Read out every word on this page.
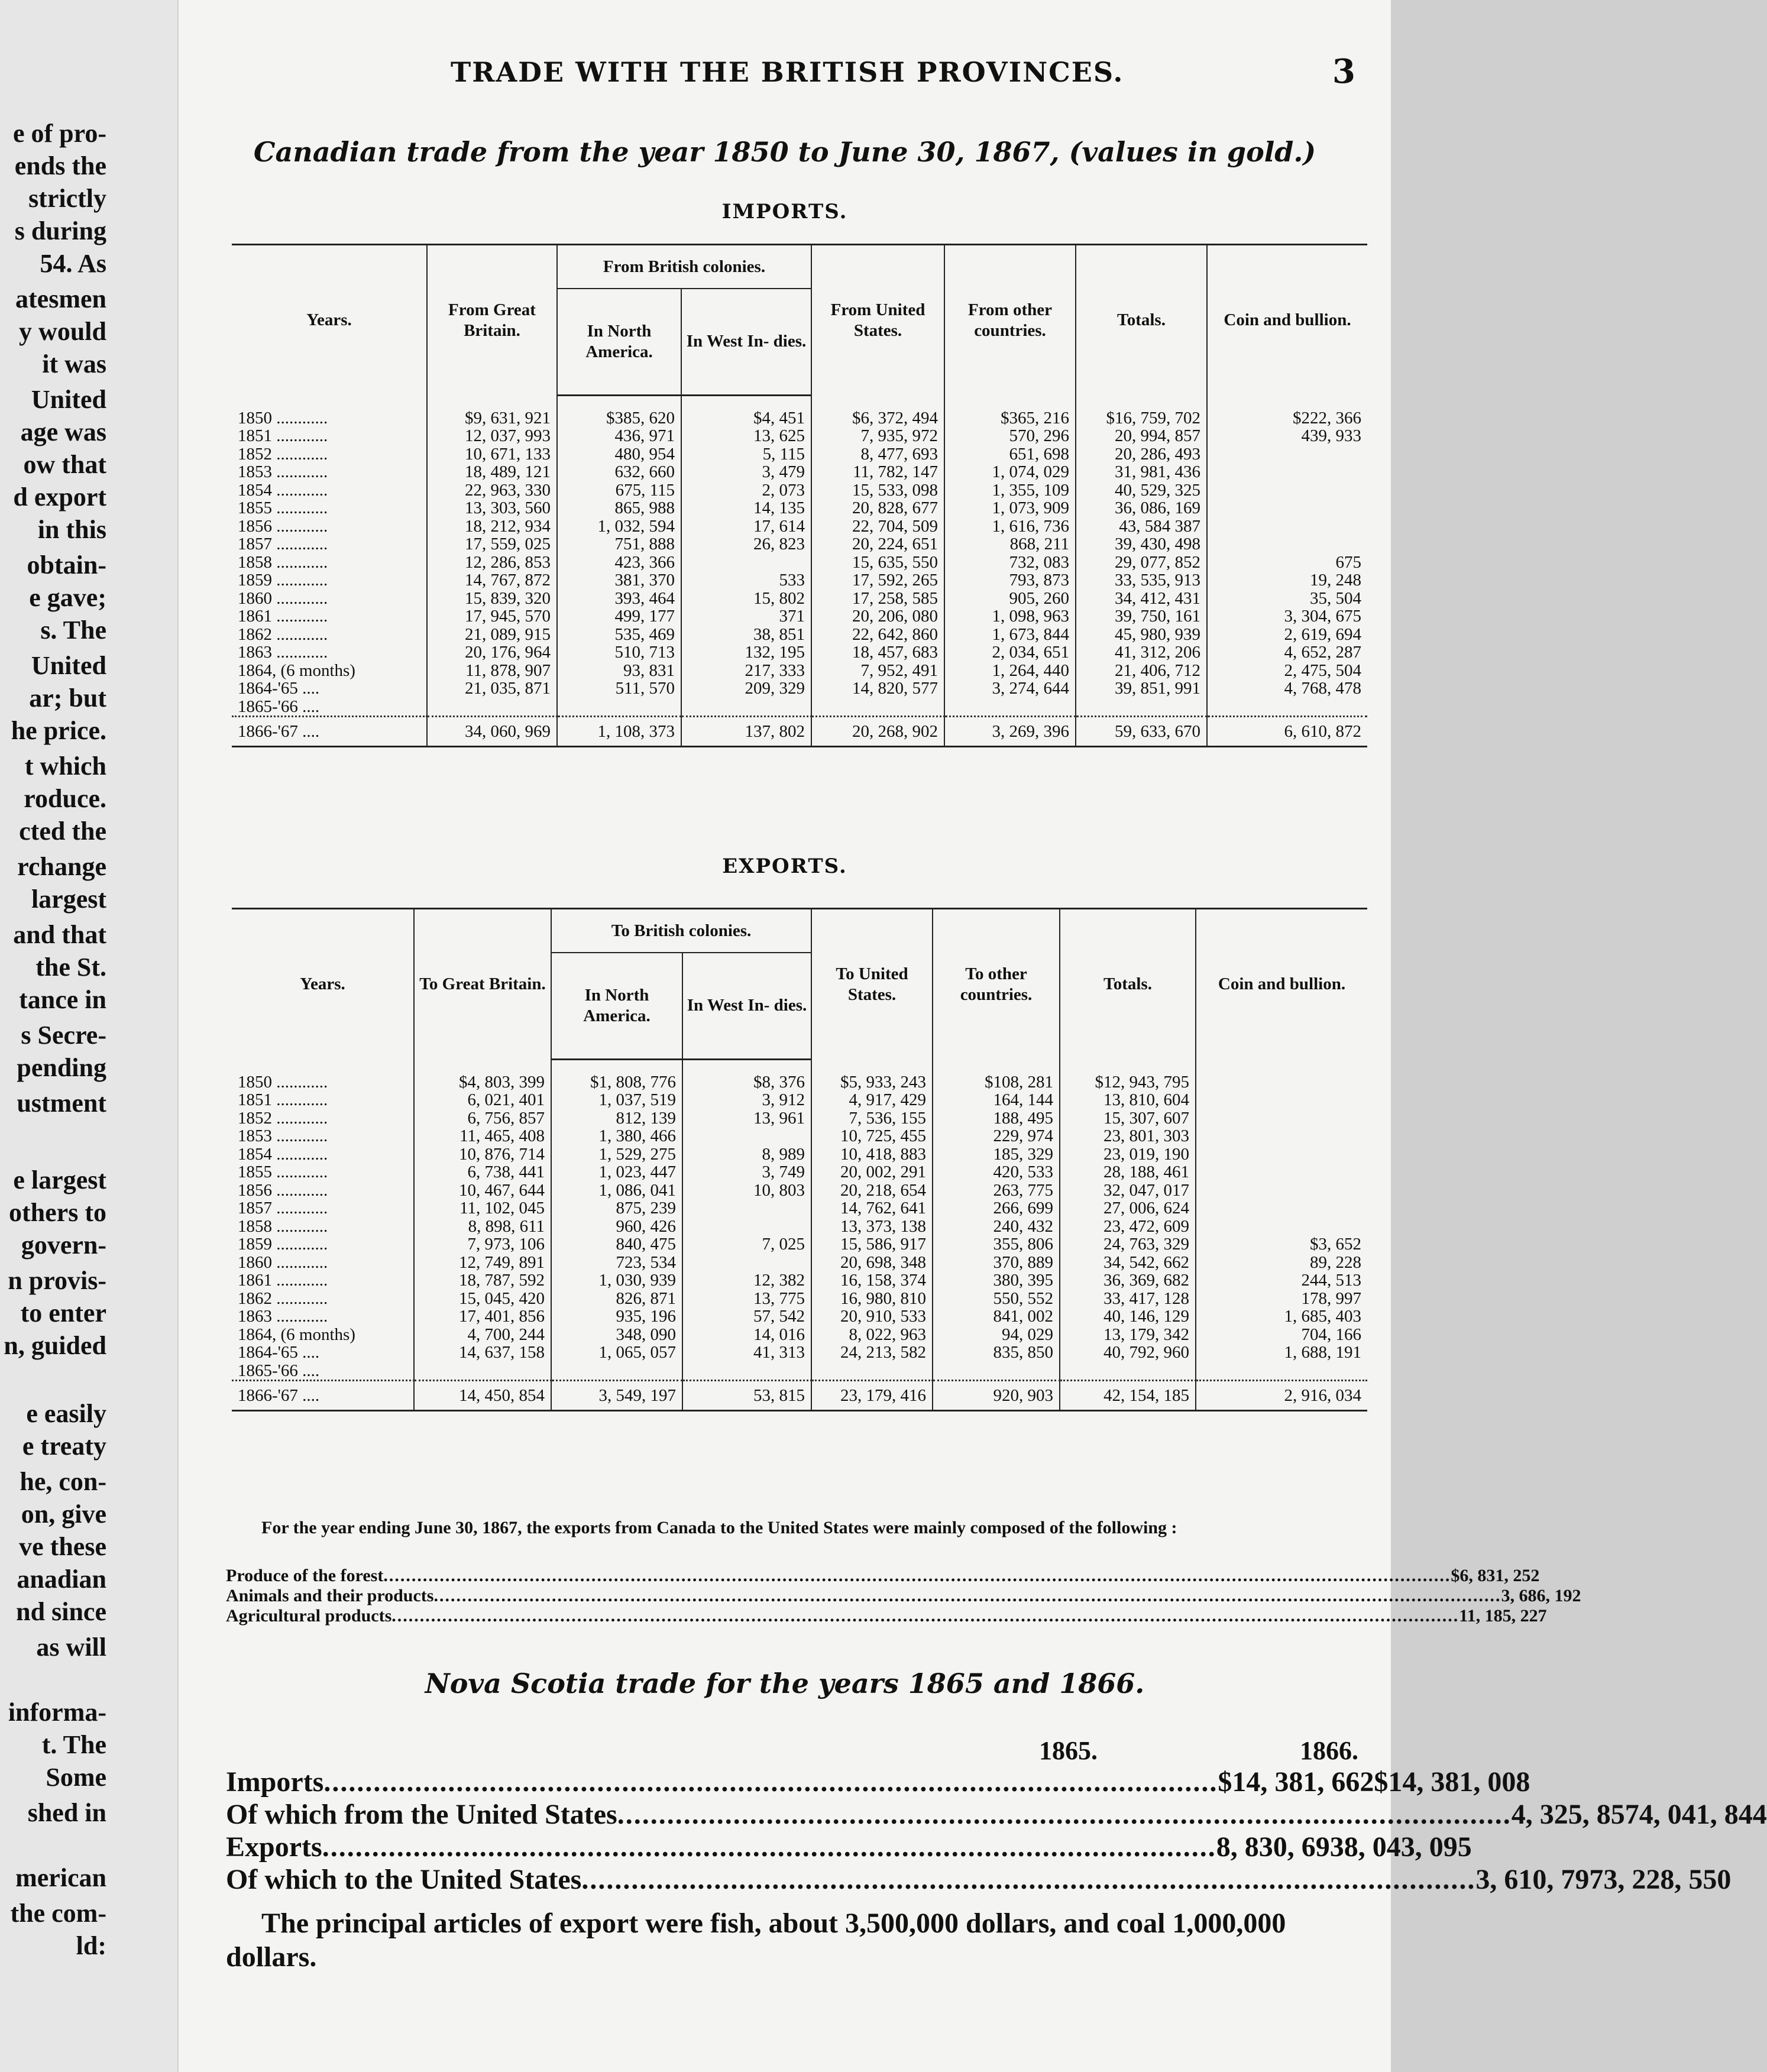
e of pro-
ends the
strictly
s during
54. As
atesmen
y would
it was
United
age was
ow that
d export
in this
obtain-
e gave;
s. The
United
ar; but
he price.
t which
roduce.
cted the
rchange
largest
and that
the St.
tance in
s Secre-
pending
ustment
e largest
others to
govern-
n provis-
to enter
n, guided
e easily
e treaty
he, con-
on, give
ve these
anadian
nd since
as will
informa-
t. The
Some
shed in
merican
the com-
ld:
TRADE WITH THE BRITISH PROVINCES.	3
Canadian trade from the year 1850 to June 30, 1867, (values in gold.)
IMPORTS.
Years.	From Great Britain.	From British colonies.		From United States.	From other countries.	Totals.	Coin and bullion.
		In North America.	In West In- dies.				

1850 ............	$9, 631, 921	$385, 620	$4, 451	$6, 372, 494	$365, 216	$16, 759, 702	$222, 366
1851 ............	12, 037, 993	436, 971	13, 625	7, 935, 972	570, 296	20, 994, 857	439, 933
1852 ............	10, 671, 133	480, 954	5, 115	8, 477, 693	651, 698	20, 286, 493	
1853 ............	18, 489, 121	632, 660	3, 479	11, 782, 147	1, 074, 029	31, 981, 436	
1854 ............	22, 963, 330	675, 115	2, 073	15, 533, 098	1, 355, 109	40, 529, 325	
1855 ............	13, 303, 560	865, 988	14, 135	20, 828, 677	1, 073, 909	36, 086, 169	
1856 ............	18, 212, 934	1, 032, 594	17, 614	22, 704, 509	1, 616, 736	43, 584 387	
1857 ............	17, 559, 025	751, 888	26, 823	20, 224, 651	868, 211	39, 430, 498	
1858 ............	12, 286, 853	423, 366		15, 635, 550	732, 083	29, 077, 852	675
1859 ............	14, 767, 872	381, 370	533	17, 592, 265	793, 873	33, 535, 913	19, 248
1860 ............	15, 839, 320	393, 464	15, 802	17, 258, 585	905, 260	34, 412, 431	35, 504
1861 ............	17, 945, 570	499, 177	371	20, 206, 080	1, 098, 963	39, 750, 161	3, 304, 675
1862 ............	21, 089, 915	535, 469	38, 851	22, 642, 860	1, 673, 844	45, 980, 939	2, 619, 694
1863 ............	20, 176, 964	510, 713	132, 195	18, 457, 683	2, 034, 651	41, 312, 206	4, 652, 287
1864, (6 months)	11, 878, 907	93, 831	217, 333	7, 952, 491	1, 264, 440	21, 406, 712	2, 475, 504
1864-'65 ....	21, 035, 871	511, 570	209, 329	14, 820, 577	3, 274, 644	39, 851, 991	4, 768, 478
1865-'66 ....							
1866-'67 ....	34, 060, 969	1, 108, 373	137, 802	20, 268, 902	3, 269, 396	59, 633, 670	6, 610, 872
EXPORTS.
Years.	To Great Britain.	To British colonies.		To United States.	To other countries.	Totals.	Coin and bullion.
		In North America.	In West In- dies.				

1850 ............	$4, 803, 399	$1, 808, 776	$8, 376	$5, 933, 243	$108, 281	$12, 943, 795	
1851 ............	6, 021, 401	1, 037, 519	3, 912	4, 917, 429	164, 144	13, 810, 604	
1852 ............	6, 756, 857	812, 139	13, 961	7, 536, 155	188, 495	15, 307, 607	
1853 ............	11, 465, 408	1, 380, 466		10, 725, 455	229, 974	23, 801, 303	
1854 ............	10, 876, 714	1, 529, 275	8, 989	10, 418, 883	185, 329	23, 019, 190	
1855 ............	6, 738, 441	1, 023, 447	3, 749	20, 002, 291	420, 533	28, 188, 461	
1856 ............	10, 467, 644	1, 086, 041	10, 803	20, 218, 654	263, 775	32, 047, 017	
1857 ............	11, 102, 045	875, 239		14, 762, 641	266, 699	27, 006, 624	
1858 ............	8, 898, 611	960, 426		13, 373, 138	240, 432	23, 472, 609	
1859 ............	7, 973, 106	840, 475	7, 025	15, 586, 917	355, 806	24, 763, 329	$3, 652
1860 ............	12, 749, 891	723, 534		20, 698, 348	370, 889	34, 542, 662	89, 228
1861 ............	18, 787, 592	1, 030, 939	12, 382	16, 158, 374	380, 395	36, 369, 682	244, 513
1862 ............	15, 045, 420	826, 871	13, 775	16, 980, 810	550, 552	33, 417, 128	178, 997
1863 ............	17, 401, 856	935, 196	57, 542	20, 910, 533	841, 002	40, 146, 129	1, 685, 403
1864, (6 months)	4, 700, 244	348, 090	14, 016	8, 022, 963	94, 029	13, 179, 342	704, 166
1864-'65 ....	14, 637, 158	1, 065, 057	41, 313	24, 213, 582	835, 850	40, 792, 960	1, 688, 191
1865-'66 ....							
1866-'67 ....	14, 450, 854	3, 549, 197	53, 815	23, 179, 416	920, 903	42, 154, 185	2, 916, 034
For the year ending June 30, 1867, the exports from Canada to the United States were mainly composed of the following :
Produce of the forest .............................................................................................................................................................................................. $6, 831, 252
Animals and their products .............................................................................................................................................................................................. 3, 686, 192
Agricultural products .............................................................................................................................................................................................. 11, 185, 227
Nova Scotia trade for the years 1865 and 1866.
1865.	1866.
Imports ............................................................................................................ $14, 381, 662 $14, 381, 008
Of which from the United States ............................................................................................................ 4, 325, 857 4, 041, 844
Exports ............................................................................................................ 8, 830, 693 8, 043, 095
Of which to the United States ............................................................................................................ 3, 610, 797 3, 228, 550
The principal articles of export were fish, about 3,500,000 dollars, and coal 1,000,000 dollars.
